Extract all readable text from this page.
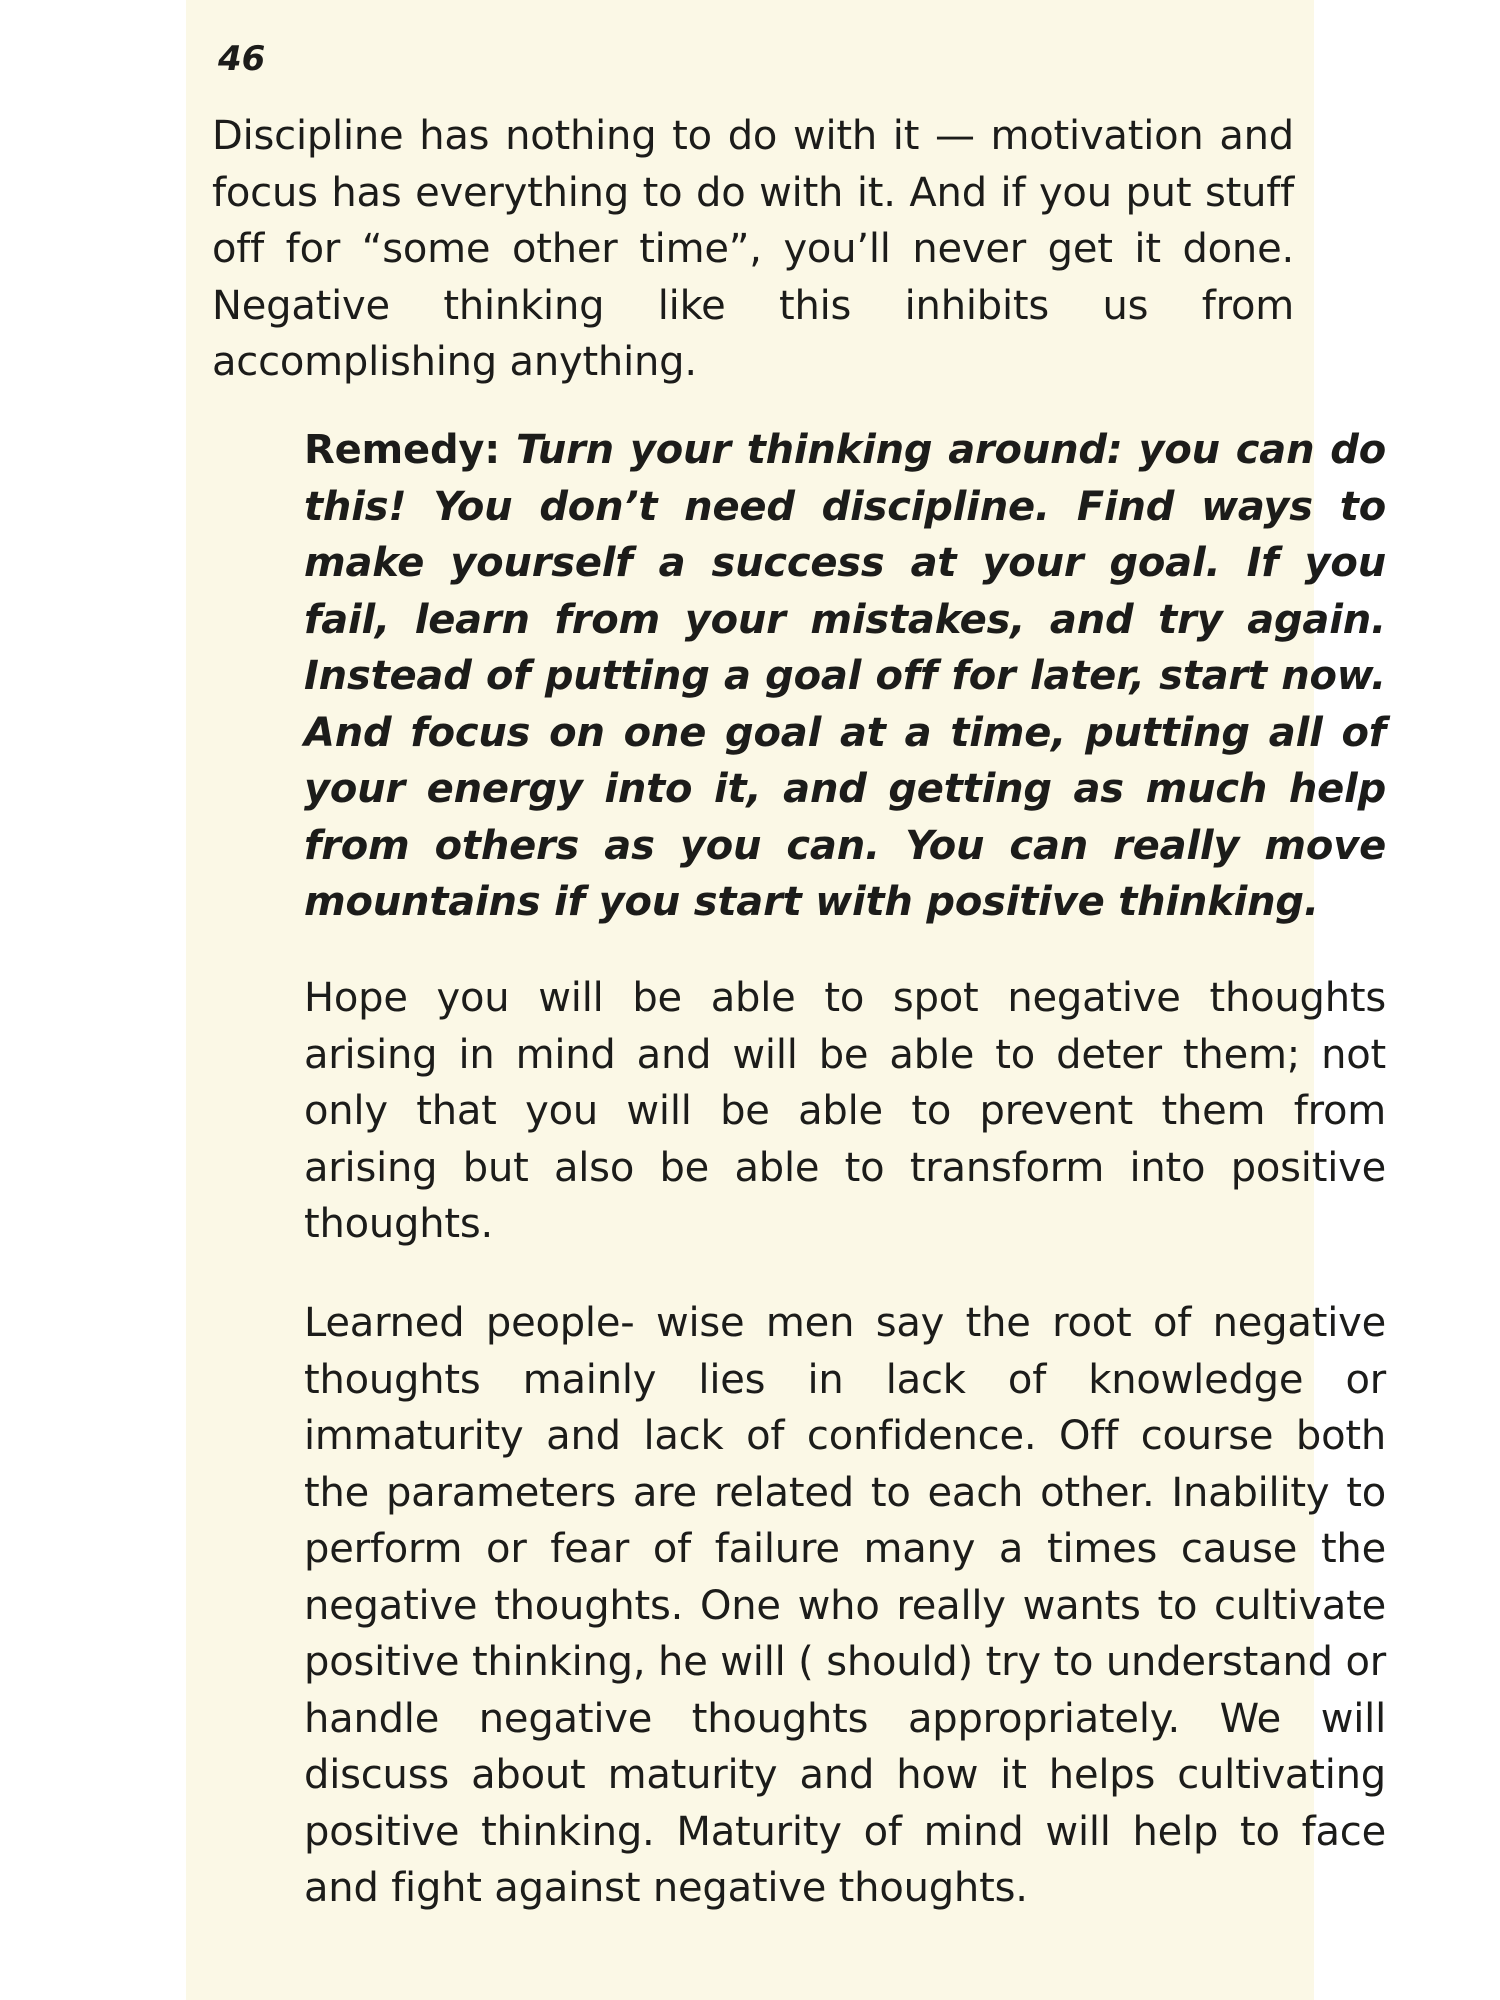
46

Discipline has nothing to do with it — motivation and focus has everything to do with it. And if you put stuff off for “some other time”, you’ll never get it done. Negative thinking like this inhibits us from accomplishing anything.

Remedy: Turn your thinking around: you can do this! You don’t need discipline. Find ways to make yourself a success at your goal. If you fail, learn from your mistakes, and try again. Instead of putting a goal off for later, start now. And focus on one goal at a time, putting all of your energy into it, and getting as much help from others as you can. You can really move mountains if you start with positive thinking.

Hope you will be able to spot negative thoughts arising in mind and will be able to deter them; not only that you will be able to prevent them from arising but also be able to transform into positive thoughts.

Learned people- wise men say the root of negative thoughts mainly lies in lack of knowledge or immaturity and lack of confidence. Off course both the parameters are related to each other. Inability to perform or fear of failure many a times cause the negative thoughts. One who really wants to cultivate positive thinking, he will ( should) try to understand or handle negative thoughts appropriately. We will discuss about maturity and how it helps cultivating positive thinking. Maturity of mind will help to face and fight against negative thoughts.
